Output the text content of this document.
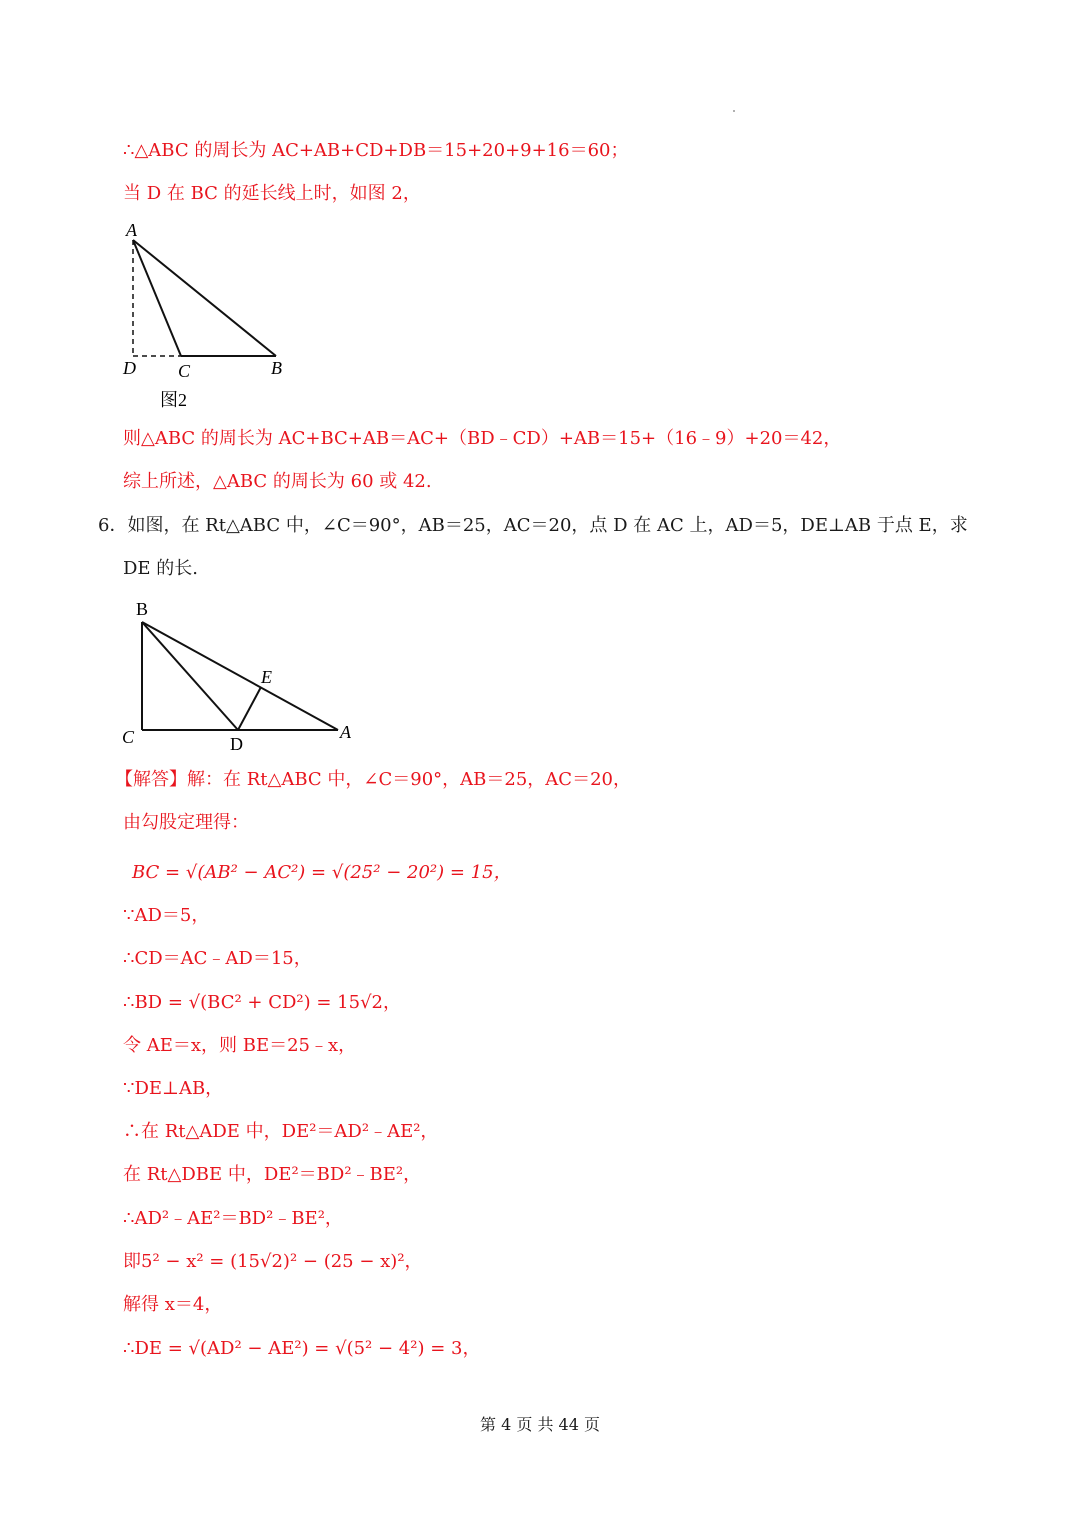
∴△ABC 的周长为 AC+AB+CD+DB＝15+20+9+16＝60；
当 D 在 BC 的延长线上时，如图 2，
A
D C	B
图2
则△ABC 的周长为 AC+BC+AB＝AC+（BD﹣CD）+AB＝15+（16﹣9）+20＝42，
综上所述，△ABC 的周长为 60 或 42.
6．如图，在 Rt△ABC 中，∠C＝90°，AB＝25，AC＝20，点 D 在 AC 上，AD＝5，DE⊥AB 于点 E，求
DE 的长.
B
E
C	D
A
【解答】解：在 Rt△ABC 中，∠C＝90°，AB＝25，AC＝20，
由勾股定理得：
BC = √(AB² − AC²) = √(25² − 20²) = 15，
∵AD＝5，
∴CD＝AC﹣AD＝15，
∴BD = √(BC² + CD²) = 15√2，
令 AE＝x，则 BE＝25﹣x，
∵DE⊥AB，
∴在 Rt△ADE 中，DE²＝AD²﹣AE²，
在 Rt△DBE 中，DE²＝BD²﹣BE²，
∴AD²﹣AE²＝BD²﹣BE²，
即5² − x² = (15√2)² − (25 − x)²，
解得 x＝4，
∴DE = √(AD² − AE²) = √(5² − 4²) = 3，
第 4 页 共 44 页
